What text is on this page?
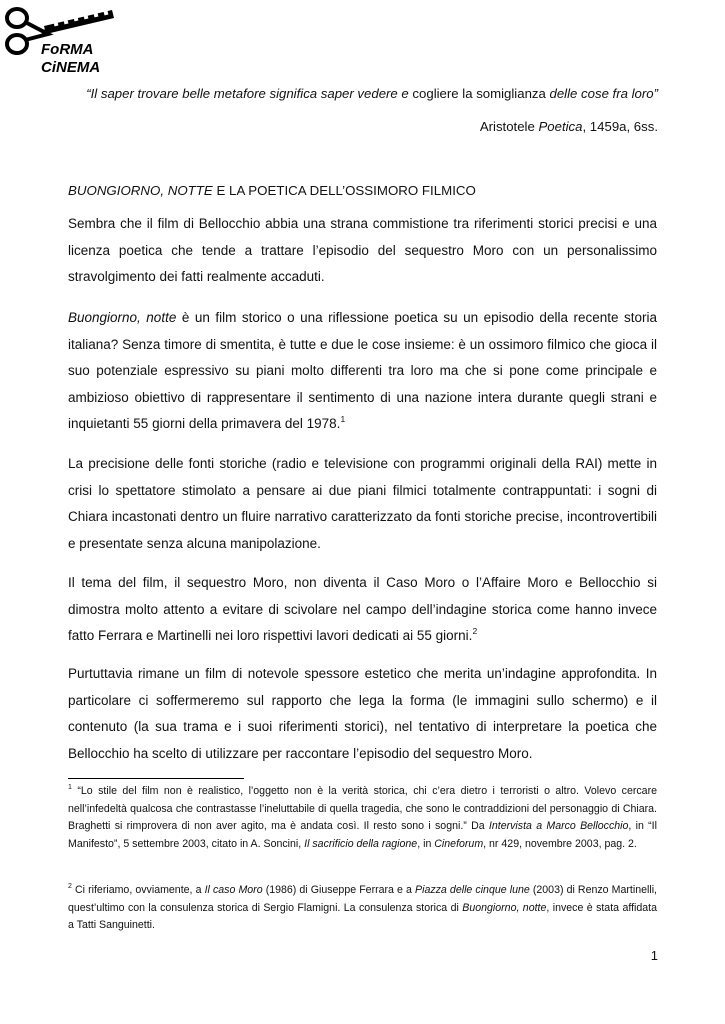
FoRMA
CiNEMA
“Il saper trovare belle metafore significa saper vedere e cogliere la somiglianza delle cose fra loro”
Aristotele Poetica, 1459a, 6ss.
BUONGIORNO, NOTTE E LA POETICA DELL’OSSIMORO FILMICO

Sembra che il film di Bellocchio abbia una strana commistione tra riferimenti storici precisi e una licenza poetica che tende a trattare l’episodio del sequestro Moro con un personalissimo stravolgimento dei fatti realmente accaduti.

Buongiorno, notte è un film storico o una riflessione poetica su un episodio della recente storia italiana? Senza timore di smentita, è tutte e due le cose insieme: è un ossimoro filmico che gioca il suo potenziale espressivo su piani molto differenti tra loro ma che si pone come principale e ambizioso obiettivo di rappresentare il sentimento di una nazione intera durante quegli strani e inquietanti 55 giorni della primavera del 1978.$^1$

La precisione delle fonti storiche (radio e televisione con programmi originali della RAI) mette in crisi lo spettatore stimolato a pensare ai due piani filmici totalmente contrappuntati: i sogni di Chiara incastonati dentro un fluire narrativo caratterizzato da fonti storiche precise, incontrovertibili e presentate senza alcuna manipolazione.

Il tema del film, il sequestro Moro, non diventa il Caso Moro o l’Affaire Moro e Bellocchio si dimostra molto attento a evitare di scivolare nel campo dell’indagine storica come hanno invece fatto Ferrara e Martinelli nei loro rispettivi lavori dedicati ai 55 giorni.$^2$

Purtuttavia rimane un film di notevole spessore estetico che merita un’indagine approfondita. In particolare ci soffermeremo sul rapporto che lega la forma (le immagini sullo schermo) e il contenuto (la sua trama e i suoi riferimenti storici), nel tentativo di interpretare la poetica che Bellocchio ha scelto di utilizzare per raccontare l’episodio del sequestro Moro.

$^1$ “Lo stile del film non è realistico, l’oggetto non è la verità storica, chi c’era dietro i terroristi o altro. Volevo cercare nell’infedeltà qualcosa che contrastasse l’ineluttabile di quella tragedia, che sono le contraddizioni del personaggio di Chiara. Braghetti si rimprovera di non aver agito, ma è andata così. Il resto sono i sogni.” Da Intervista a Marco Bellocchio, in “Il Manifesto”, 5 settembre 2003, citato in A. Soncini, Il sacrificio della ragione, in Cineforum, nr 429, novembre 2003, pag. 2.

$^2$ Ci riferiamo, ovviamente, a Il caso Moro (1986) di Giuseppe Ferrara e a Piazza delle cinque lune (2003) di Renzo Martinelli, quest’ultimo con la consulenza storica di Sergio Flamigni. La consulenza storica di Buongiorno, notte, invece è stata affidata a Tatti Sanguinetti.

1
